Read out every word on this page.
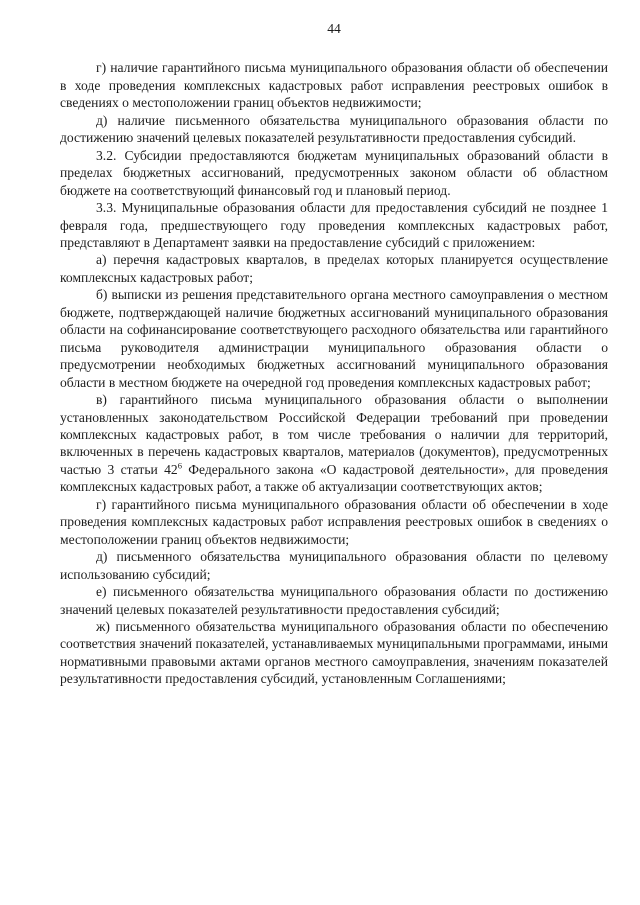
44

г) наличие гарантийного письма муниципального образования области об обеспечении в ходе проведения комплексных кадастровых работ исправления реестровых ошибок в сведениях о местоположении границ объектов недвижимости;

д) наличие письменного обязательства муниципального образования области по достижению значений целевых показателей результативности предоставления субсидий.

3.2. Субсидии предоставляются бюджетам муниципальных образований области в пределах бюджетных ассигнований, предусмотренных законом области об областном бюджете на соответствующий финансовый год и плановый период.

3.3. Муниципальные образования области для предоставления субсидий не позднее 1 февраля года, предшествующего году проведения комплексных кадастровых работ, представляют в Департамент заявки на предоставление субсидий с приложением:

а) перечня кадастровых кварталов, в пределах которых планируется осуществление комплексных кадастровых работ;

б) выписки из решения представительного органа местного самоуправления о местном бюджете, подтверждающей наличие бюджетных ассигнований муниципального образования области на софинансирование соответствующего расходного обязательства или гарантийного письма руководителя администрации муниципального образования области о предусмотрении необходимых бюджетных ассигнований муниципального образования области в местном бюджете на очередной год проведения комплексных кадастровых работ;

в) гарантийного письма муниципального образования области о выполнении установленных законодательством Российской Федерации требований при проведении комплексных кадастровых работ, в том числе требования о наличии для территорий, включенных в перечень кадастровых кварталов, материалов (документов), предусмотренных частью 3 статьи $42^6$ Федерального закона «О кадастровой деятельности», для проведения комплексных кадастровых работ, а также об актуализации соответствующих актов;

г) гарантийного письма муниципального образования области об обеспечении в ходе проведения комплексных кадастровых работ исправления реестровых ошибок в сведениях о местоположении границ объектов недвижимости;

д) письменного обязательства муниципального образования области по целевому использованию субсидий;

е) письменного обязательства муниципального образования области по достижению значений целевых показателей результативности предоставления субсидий;

ж) письменного обязательства муниципального образования области по обеспечению соответствия значений показателей, устанавливаемых муниципальными программами, иными нормативными правовыми актами органов местного самоуправления, значениям показателей результативности предоставления субсидий, установленным Соглашениями;
